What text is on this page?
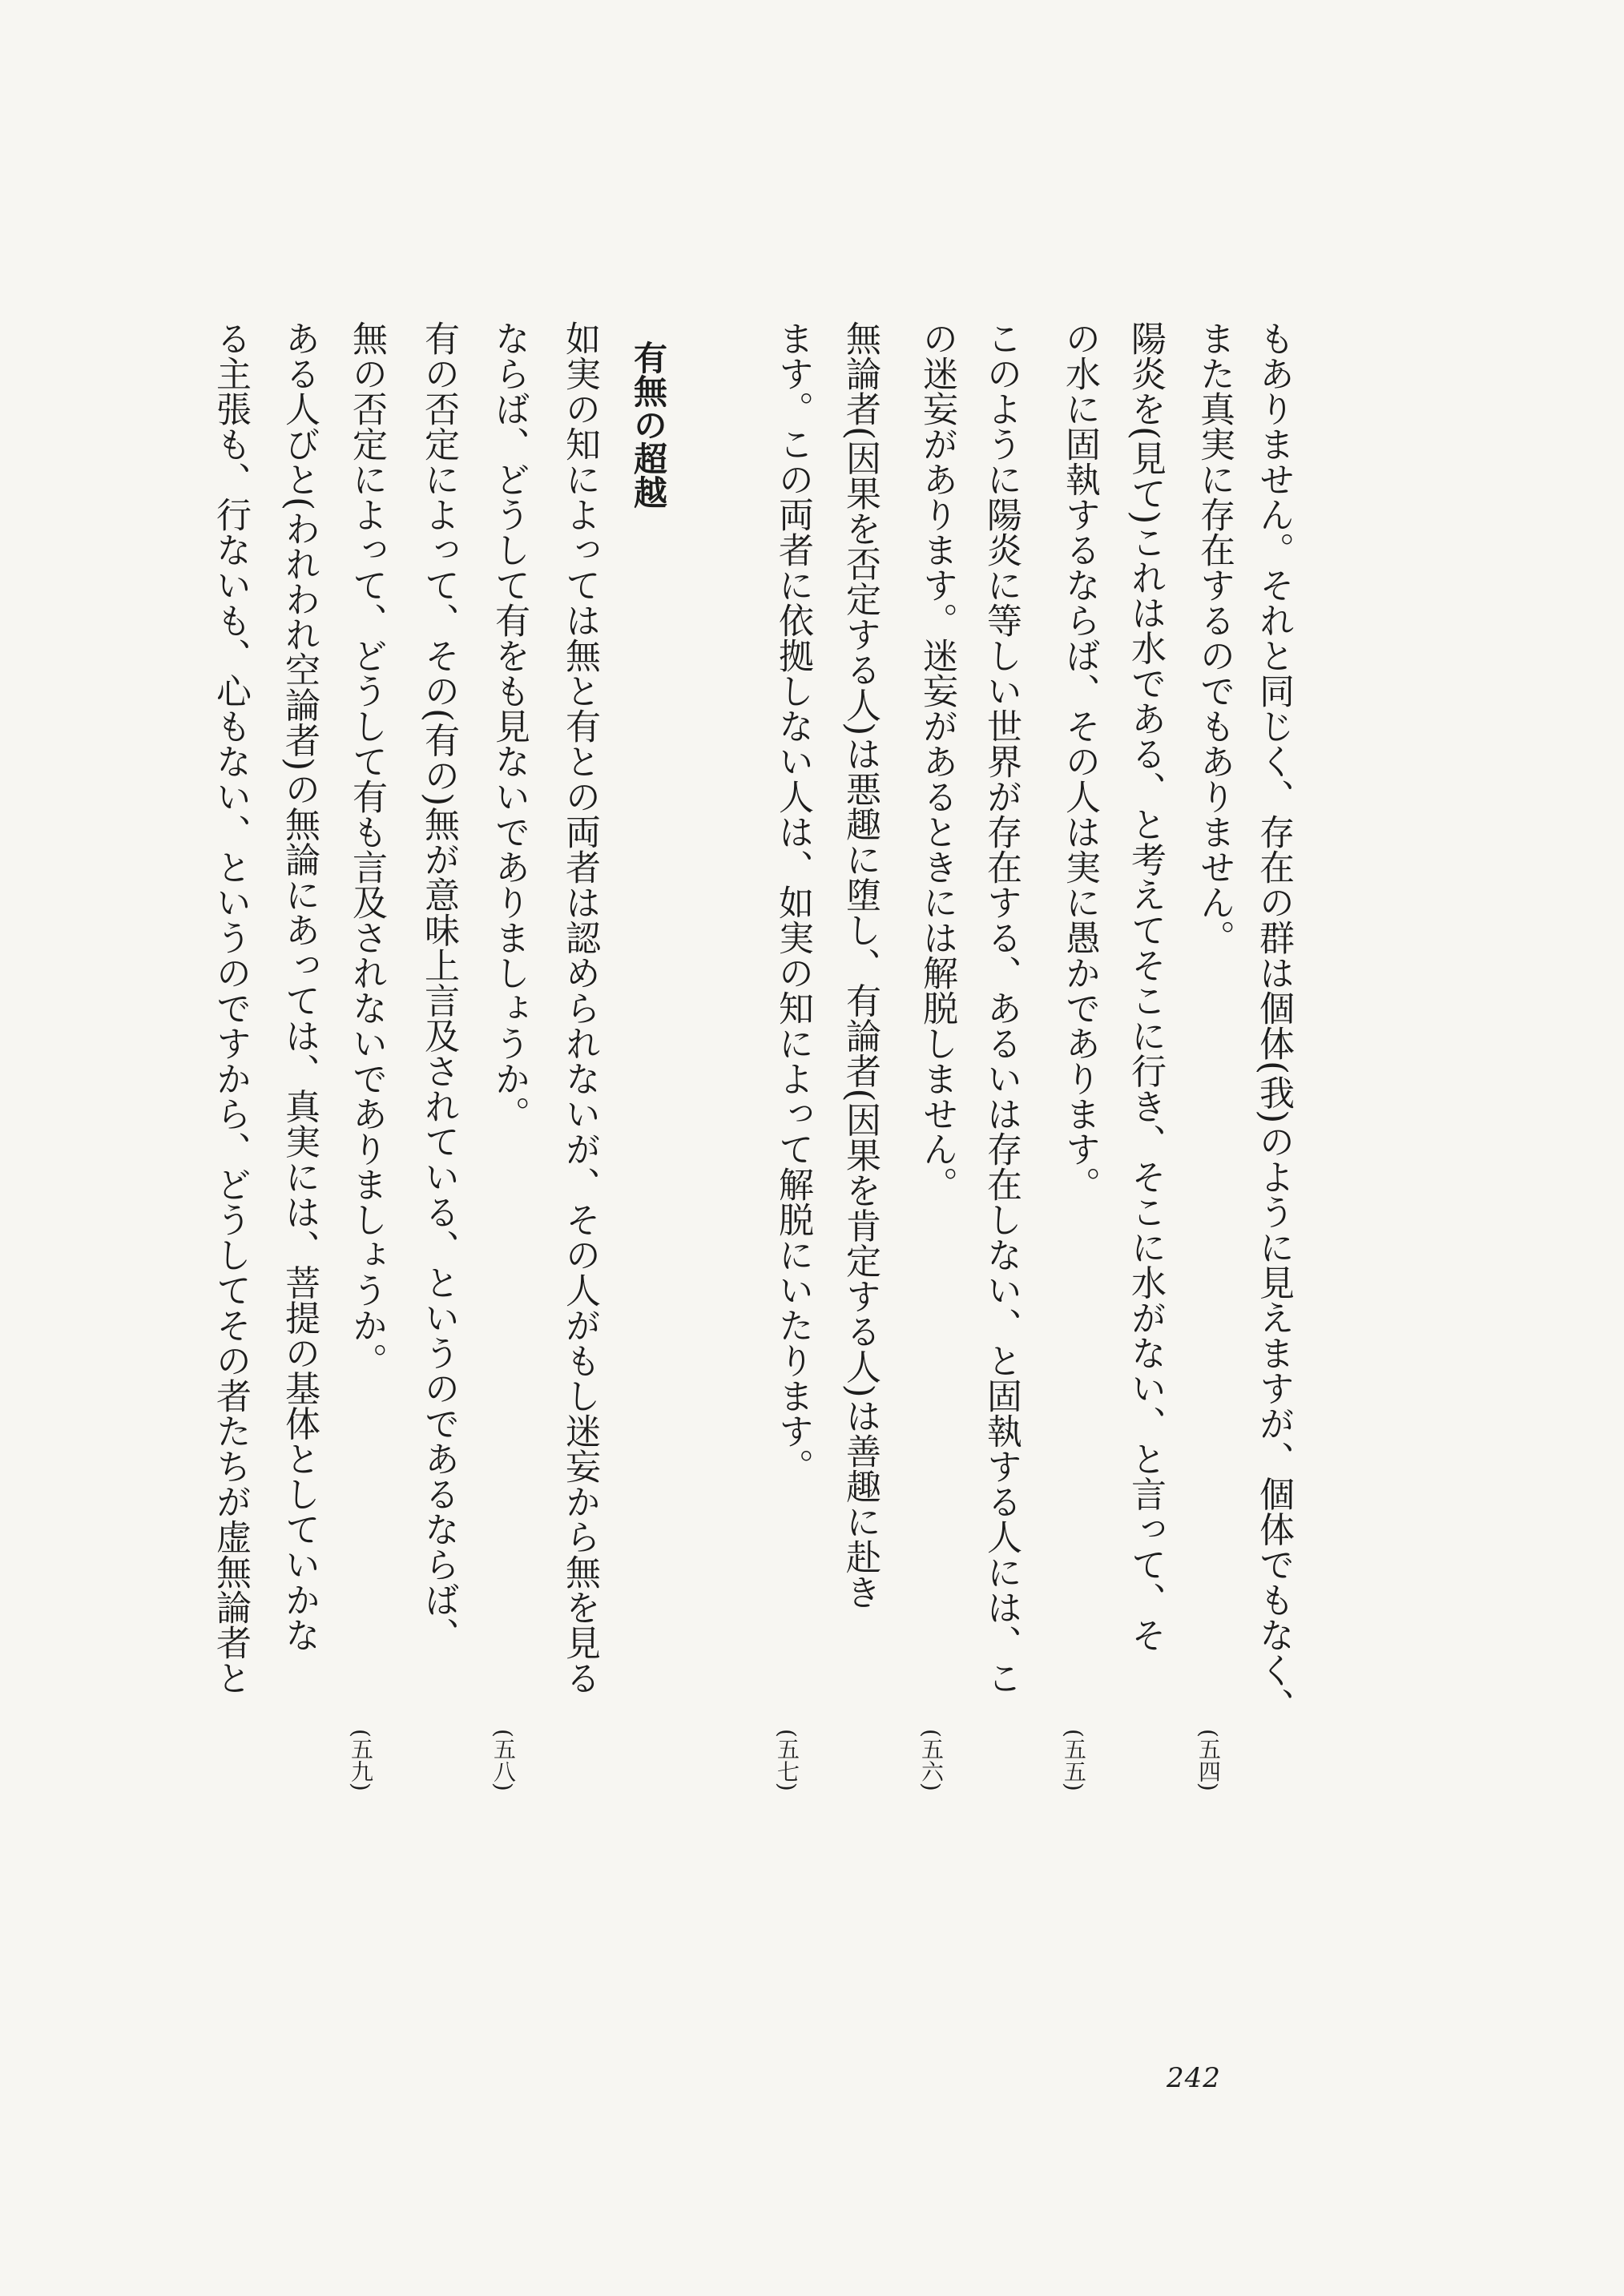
もありません。それと同じく、存在の群は個体(我)のように見えますが、個体でもなく、
また真実に存在するのでもありません。
陽炎を(見て)これは水である、と考えてそこに行き、そこに水がない、と言って、そ
の水に固執するならば、その人は実に愚かであります。
このように陽炎に等しい世界が存在する、あるいは存在しない、と固執する人には、こ
の迷妄があります。迷妄があるときには解脱しません。
無論者(因果を否定する人)は悪趣に堕し、有論者(因果を肯定する人)は善趣に赴き
ます。この両者に依拠しない人は、如実の知によって解脱にいたります。
有無の超越
如実の知によっては無と有との両者は認められないが、その人がもし迷妄から無を見る
ならば、どうして有をも見ないでありましょうか。
有の否定によって、その(有の)無が意味上言及されている、というのであるならば、
無の否定によって、どうして有も言及されないでありましょうか。
ある人びと(われわれ空論者)の無論にあっては、真実には、菩提の基体としていかな
る主張も、行ないも、心もない、というのですから、どうしてその者たちが虚無論者と
(五四)
(五五)
(五六)
(五七)
(五八)
(五九)
242
